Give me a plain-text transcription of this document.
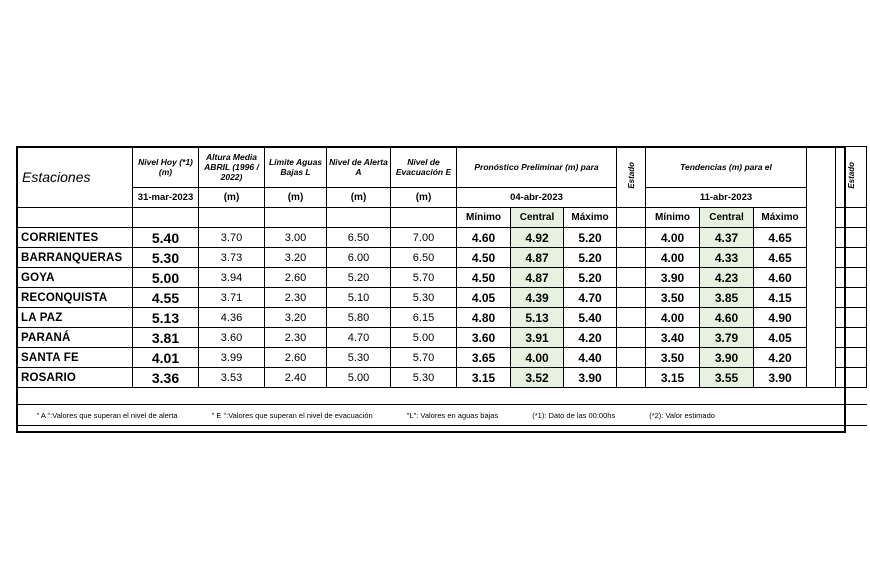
Estaciones	Nivel Hoy (*1) (m)	Altura Media ABRIL (1996 / 2022)	Límite Aguas Bajas L	Nivel de Alerta A	Nivel de Evacuación E	Pronóstico Preliminar (m) para			Estado	Tendencias (m) para el				Estado
	31-mar-2023	(m)	(m)	(m)	(m)	04-abr-2023				11-abr-2023				
						Mínimo	Central	Máximo		Mínimo	Central	Máximo		
CORRIENTES	5.40	3.70	3.00	6.50	7.00	4.60	4.92	5.20		4.00	4.37	4.65		
BARRANQUERAS	5.30	3.73	3.20	6.00	6.50	4.50	4.87	5.20		4.00	4.33	4.65		
GOYA	5.00	3.94	2.60	5.20	5.70	4.50	4.87	5.20		3.90	4.23	4.60		
RECONQUISTA	4.55	3.71	2.30	5.10	5.30	4.05	4.39	4.70		3.50	3.85	4.15		
LA PAZ	5.13	4.36	3.20	5.80	6.15	4.80	5.13	5.40		4.00	4.60	4.90		
PARANÁ	3.81	3.60	2.30	4.70	5.00	3.60	3.91	4.20		3.40	3.79	4.05		
SANTA FE	4.01	3.99	2.60	5.30	5.70	3.65	4.00	4.40		3.50	3.90	4.20		
ROSARIO	3.36	3.53	2.40	5.00	5.30	3.15	3.52	3.90		3.15	3.55	3.90		

" A ":Valores que superan el nivel de alerta " E ":Valores que superan el nivel de evacuación "L": Valores en aguas bajas (*1): Dato de las 00:00hs (*2): Valor estimado														
